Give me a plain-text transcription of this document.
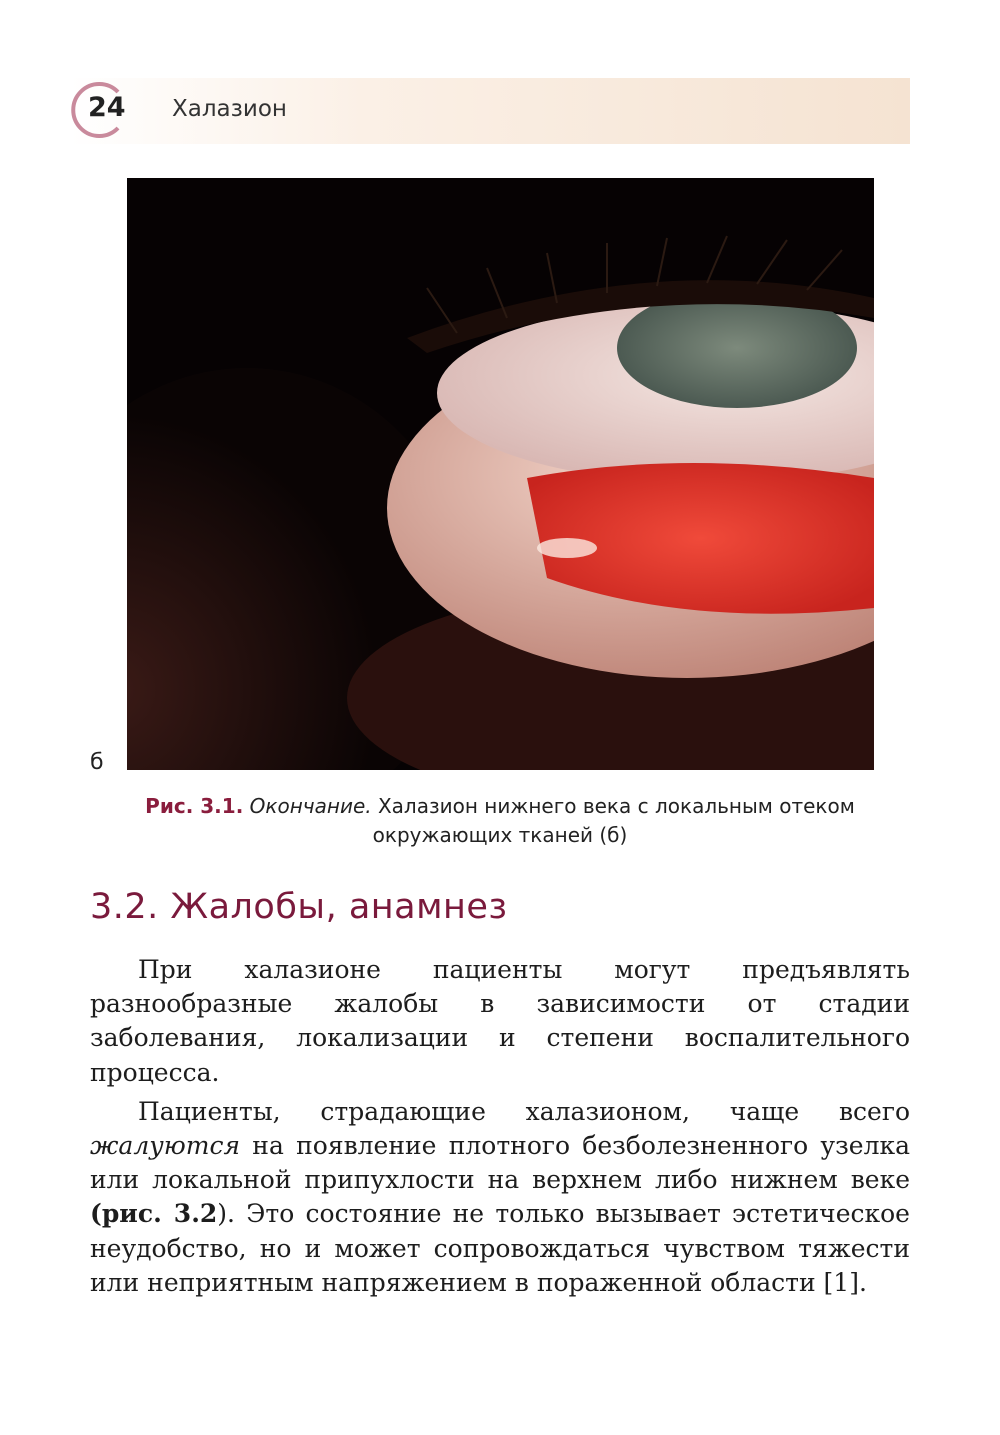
24 Халазион
б
Рис. 3.1. Окончание. Халазион нижнего века с локальным отеком окружающих тканей (б)
3.2. Жалобы, анамнез

При халазионе пациенты могут предъявлять разнообразные жалобы в зависимости от стадии заболевания, локализации и степени воспалительного процесса.

Пациенты, страдающие халазионом, чаще всего жалуются на появление плотного безболезненного узелка или локальной припухлости на верхнем либо нижнем веке (рис. 3.2). Это состояние не только вызывает эстетическое неудобство, но и может сопровождаться чувством тяжести или неприятным напряжением в пораженной области [1].
